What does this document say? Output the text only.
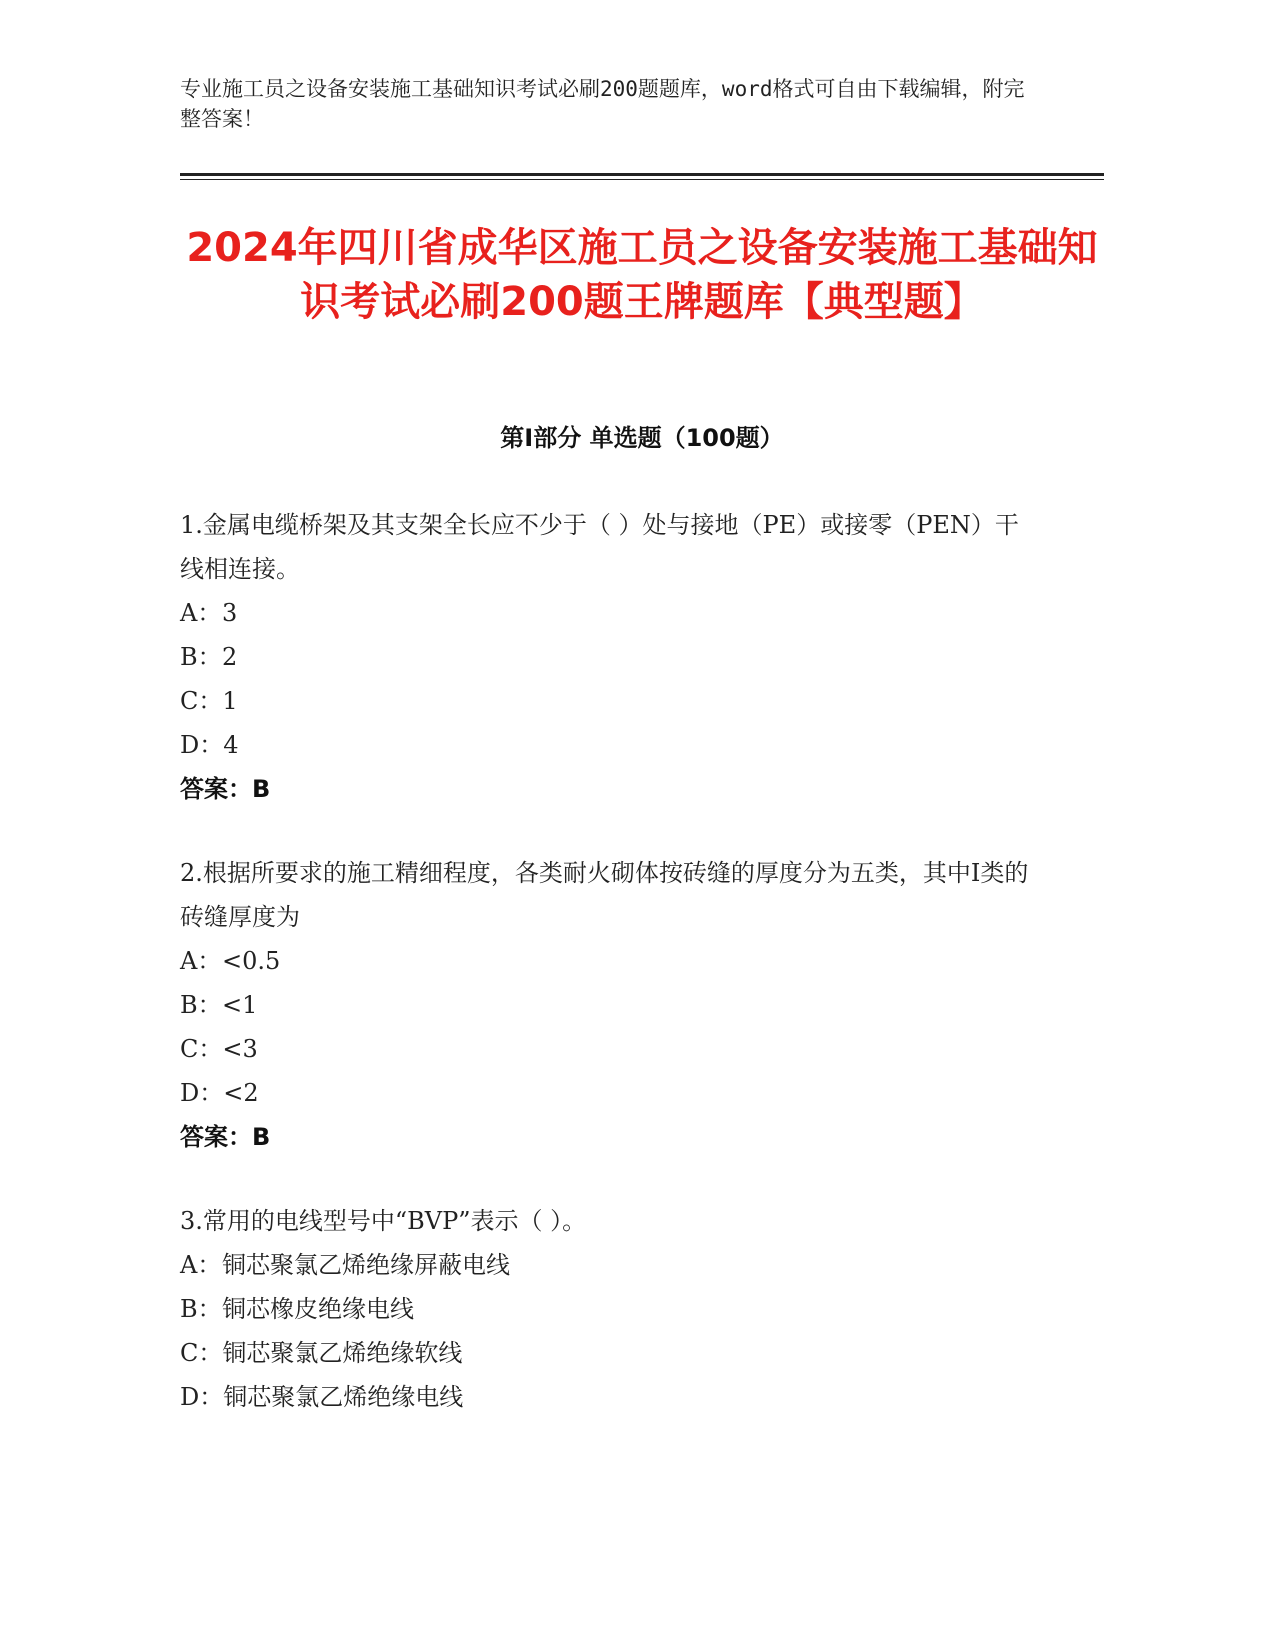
专业施工员之设备安装施工基础知识考试必刷200题题库，word格式可自由下载编辑，附完整答案！
2024年四川省成华区施工员之设备安装施工基础知识考试必刷200题王牌题库【典型题】
第I部分 单选题（100题）
1.金属电缆桥架及其支架全长应不少于（ ）处与接地（PE）或接零（PEN）干线相连接。
A：3
B：2
C：1
D：4
答案：B
2.根据所要求的施工精细程度，各类耐火砌体按砖缝的厚度分为五类，其中I类的砖缝厚度为
A：<0.5
B：<1
C：<3
D：<2
答案：B
3.常用的电线型号中“BVP”表示（ ）。
A：铜芯聚氯乙烯绝缘屏蔽电线
B：铜芯橡皮绝缘电线
C：铜芯聚氯乙烯绝缘软线
D：铜芯聚氯乙烯绝缘电线
